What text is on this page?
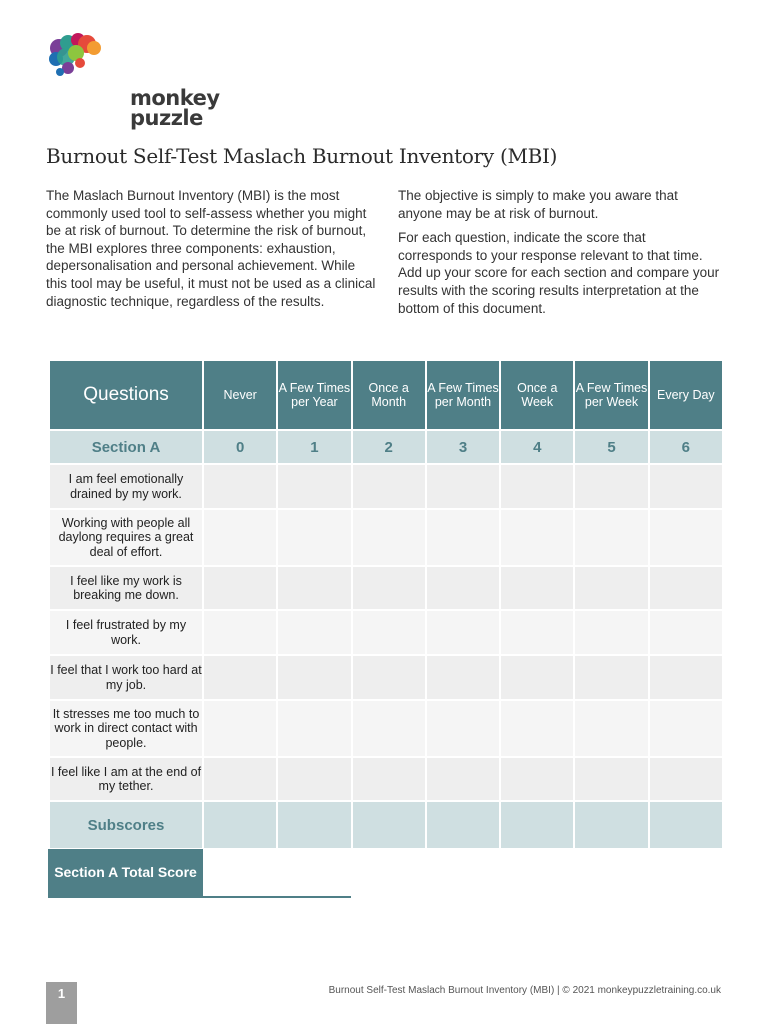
monkey
puzzle
Burnout Self-Test Maslach Burnout Inventory (MBI)

The Maslach Burnout Inventory (MBI) is the most commonly used tool to self-assess whether you might be at risk of burnout. To determine the risk of burnout, the MBI explores three components: exhaustion, depersonalisation and personal achievement. While this tool may be useful, it must not be used as a clinical diagnostic technique, regardless of the results.

The objective is simply to make you aware that anyone may be at risk of burnout.

For each question, indicate the score that corresponds to your response relevant to that time. Add up your score for each section and compare your results with the scoring results interpretation at the bottom of this document.

Questions	Never	A Few Times per Year	Once a Month	A Few Times per Month	Once a Week	A Few Times per Week	Every Day
Section A	0	1	2	3	4	5	6
I am feel emotionally drained by my work.							
Working with people all daylong requires a great deal of effort.							
I feel like my work is breaking me down.							
I feel frustrated by my work.							
I feel that I work too hard at my job.							
It stresses me too much to work in direct contact with people.							
I feel like I am at the end of my tether.							
Subscores							
Section A Total Score
1	Burnout Self-Test Maslach Burnout Inventory (MBI) | © 2021 monkeypuzzletraining.co.uk
